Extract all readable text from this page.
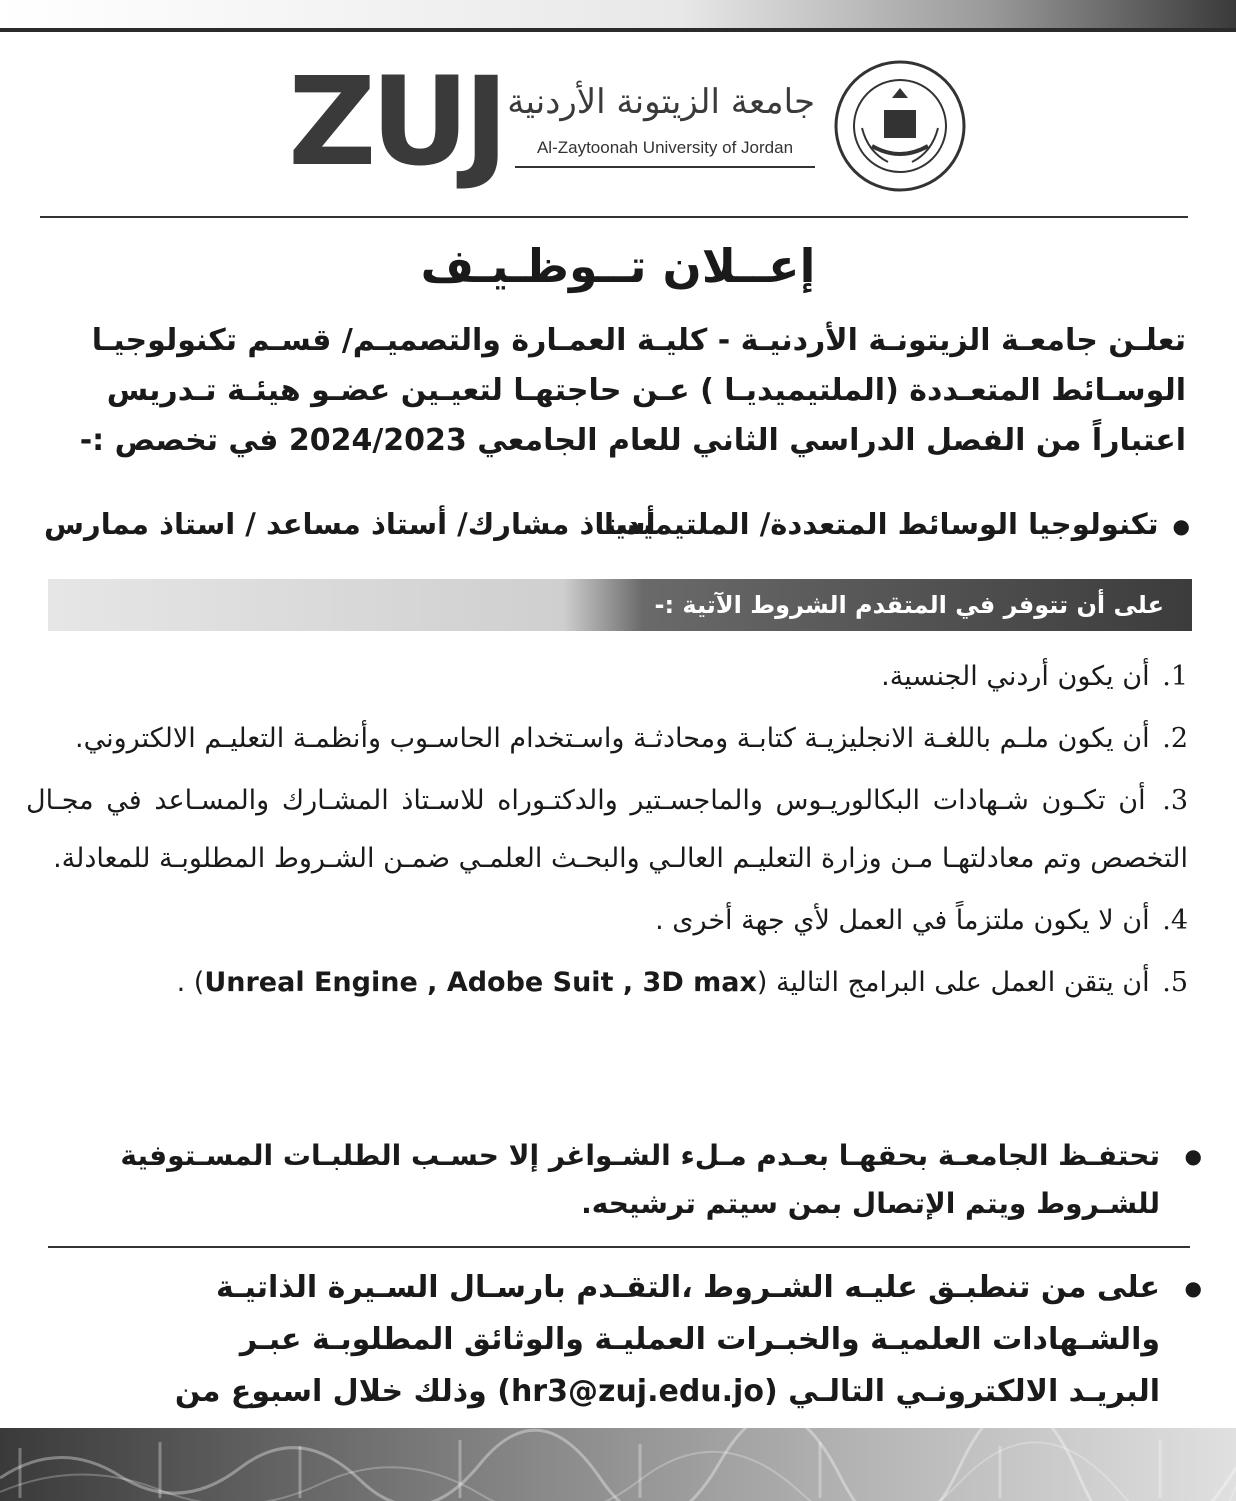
ZUJ جامعة الزيتونة الأردنية
Al-Zaytoonah University of Jordan
إعــلان تــوظـيـف

تعلـن جامعـة الزيتونـة الأردنيـة - كليـة العمـارة والتصميـم/ قسـم تكنولوجيـا
الوسـائط المتعـددة (الملتيميديـا ) عـن حاجتهـا لتعيـين عضـو هيئـة تـدريس
اعتباراً من الفصل الدراسي الثاني للعام الجامعي 2024/2023 في تخصص :-

● تكنولوجيا الوسائط المتعددة/ الملتيميديا
أستاذ مشارك/ أستاذ مساعد / استاذ ممارس
على أن تتوفر في المتقدم الشروط الآتية :-
1. أن يكون أردني الجنسية.
2. أن يكون ملـم باللغـة الانجليزيـة كتابـة ومحادثـة واسـتخدام الحاسـوب وأنظمـة التعليـم الالكتروني.
3. أن تكـون شـهادات البكالوريـوس والماجسـتير والدكتـوراه للاسـتاذ المشـارك والمسـاعد في مجـال التخصص وتم معادلتهـا مـن وزارة التعليـم العالـي والبحـث العلمـي ضمـن الشـروط المطلوبـة للمعادلة.
4. أن لا يكون ملتزماً في العمل لأي جهة أخرى .
5. أن يتقن العمل على البرامج التالية (Unreal Engine , Adobe Suit , 3D max) .
● تحتفـظ الجامعـة بحقهـا بعـدم مـلء الشـواغر إلا حسـب الطلبـات المسـتوفية للشـروط ويتم الإتصال بمن سيتم ترشيحه.
● على من تنطبـق عليـه الشـروط ،التقـدم بارسـال السـيرة الذاتيـة والشـهادات العلميـة والخبـرات العمليـة والوثائق المطلوبـة عبـر البريـد الالكترونـي التالـي (hr3@zuj.edu.jo) وذلك خلال اسبوع من
